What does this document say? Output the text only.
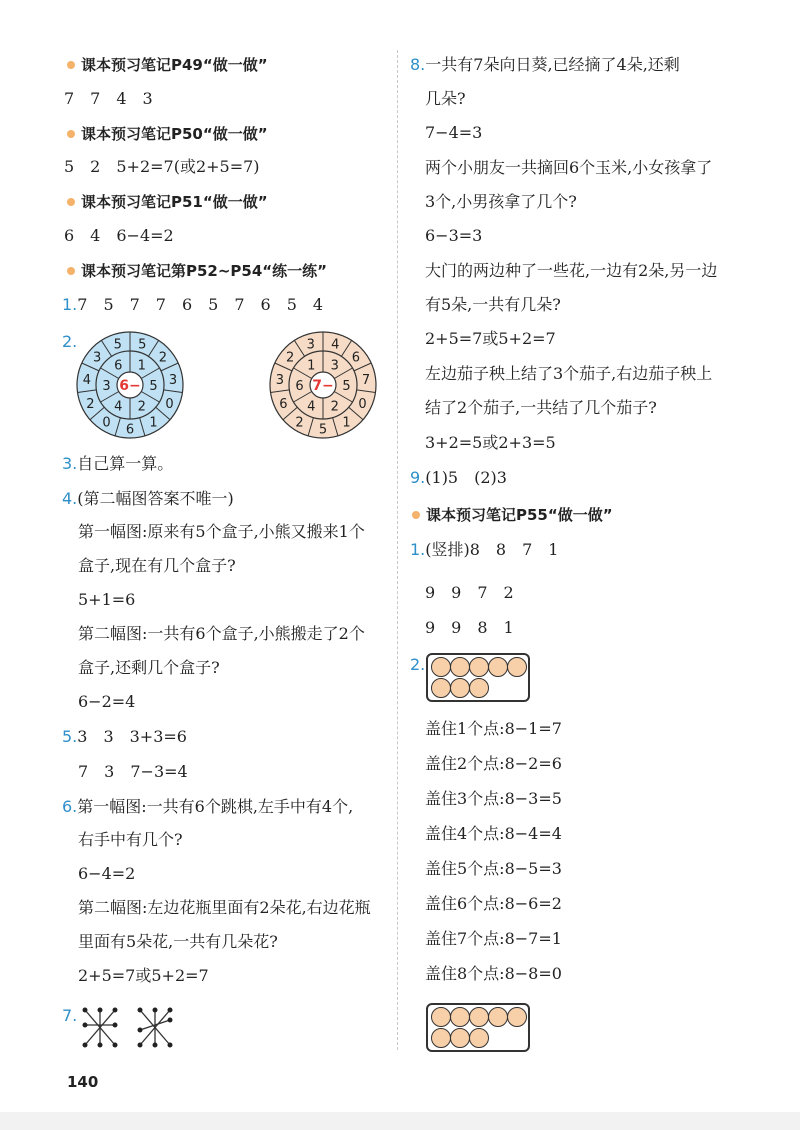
课本预习笔记P49“做一做”
7　7　4　3
课本预习笔记P50“做一做”
5　2　5+2=7(或2+5=7)
课本预习笔记P51“做一做”
6　4　6−4=2
课本预习笔记第P52~P54“练一练”
1.7　5　7　7　6　5　7　6　5　4
2.	5
2
3
0
1
6
0
2
4
3
5
1
5
2
4
3
6
6−
4
6
7
0
1
5
2
6
3
2
3
3
5
2
4
6
1
7−
3.自己算一算。
4.(第二幅图答案不唯一)
第一幅图:原来有5个盒子,小熊又搬来1个
盒子,现在有几个盒子?
5+1=6
第二幅图:一共有6个盒子,小熊搬走了2个
盒子,还剩几个盒子?
6−2=4
5.3　3　3+3=6
7　3　7−3=4
6.第一幅图:一共有6个跳棋,左手中有4个,
右手中有几个?
6−4=2
第二幅图:左边花瓶里面有2朵花,右边花瓶
里面有5朵花,一共有几朵花?
2+5=7或5+2=7
7.
8.一共有7朵向日葵,已经摘了4朵,还剩
几朵?
7−4=3
两个小朋友一共摘回6个玉米,小女孩拿了
3个,小男孩拿了几个?
6−3=3
大门的两边种了一些花,一边有2朵,另一边
有5朵,一共有几朵?
2+5=7或5+2=7
左边茄子秧上结了3个茄子,右边茄子秧上
结了2个茄子,一共结了几个茄子?
3+2=5或2+3=5
9.(1)5　(2)3
课本预习笔记P55“做一做”
1.(竖排)8　8　7　1
9　9　7　2
9　9　8　1
2.
盖住1个点:8−1=7
盖住2个点:8−2=6
盖住3个点:8−3=5
盖住4个点:8−4=4
盖住5个点:8−5=3
盖住6个点:8−6=2
盖住7个点:8−7=1
盖住8个点:8−8=0
140
